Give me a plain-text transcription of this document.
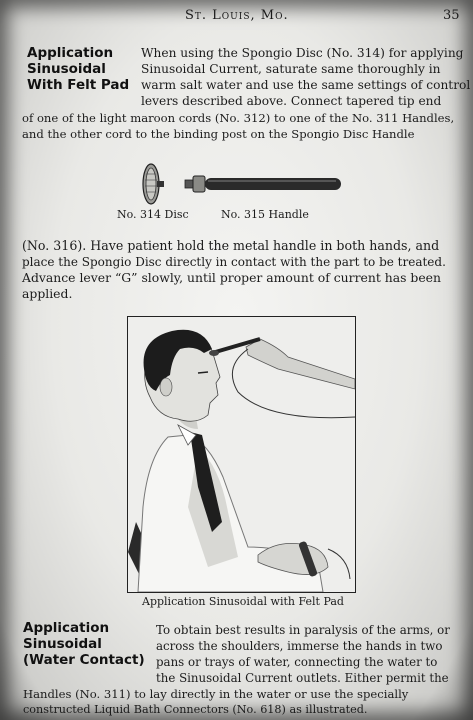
St. Louis, Mo.	35
Application
Sinusoidal
With Felt Pad
When using the Spongio Disc (No. 314) for applying
Sinusoidal Current, saturate same thoroughly in
warm salt water and use the same settings of control
levers described above. Connect tapered tip end
of one of the light maroon cords (No. 312) to one of the No. 311 Handles,
and the other cord to the binding post on the Spongio Disc Handle
No. 314 Disc	No. 315 Handle
(No. 316). Have patient hold the metal handle in both hands, and
place the Spongio Disc directly in contact with the part to be treated.
Advance lever “G” slowly, until proper amount of current has been
applied.
Application Sinusoidal with Felt Pad
Application
Sinusoidal
(Water Contact)
To obtain best results in paralysis of the arms, or
across the shoulders, immerse the hands in two
pans or trays of water, connecting the water to
the Sinusoidal Current outlets. Either permit the
Handles (No. 311) to lay directly in the water or use the specially
constructed Liquid Bath Connectors (No. 618) as illustrated.
